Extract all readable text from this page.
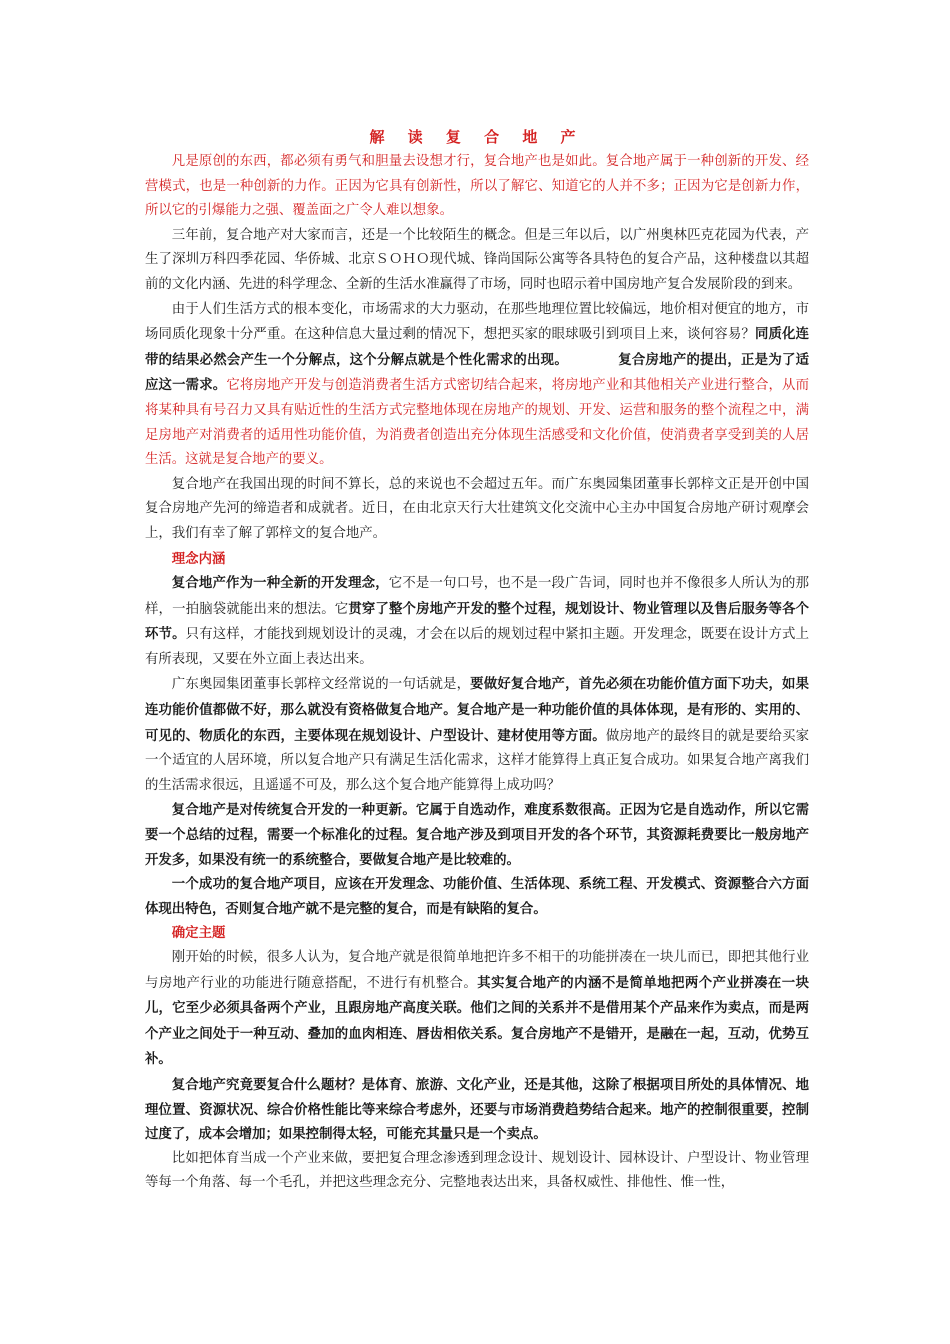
解 读 复 合 地 产

凡是原创的东西，都必须有勇气和胆量去设想才行，复合地产也是如此。复合地产属于一种创新的开发、经营模式，也是一种创新的力作。正因为它具有创新性，所以了解它、知道它的人并不多；正因为它是创新力作，所以它的引爆能力之强、覆盖面之广令人难以想象。

三年前，复合地产对大家而言，还是一个比较陌生的概念。但是三年以后，以广州奥林匹克花园为代表，产生了深圳万科四季花园、华侨城、北京ＳＯＨＯ现代城、锋尚国际公寓等各具特色的复合产品，这种楼盘以其超前的文化内涵、先进的科学理念、全新的生活水准赢得了市场，同时也昭示着中国房地产复合发展阶段的到来。

由于人们生活方式的根本变化，市场需求的大力驱动，在那些地理位置比较偏远，地价相对便宜的地方，市场同质化现象十分严重。在这种信息大量过剩的情况下，想把买家的眼球吸引到项目上来，谈何容易？同质化连带的结果必然会产生一个分解点，这个分解点就是个性化需求的出现。	复合房地产的提出，正是为了适应这一需求。它将房地产开发与创造消费者生活方式密切结合起来，将房地产业和其他相关产业进行整合，从而将某种具有号召力又具有贴近性的生活方式完整地体现在房地产的规划、开发、运营和服务的整个流程之中，满足房地产对消费者的适用性功能价值，为消费者创造出充分体现生活感受和文化价值，使消费者享受到美的人居生活。这就是复合地产的要义。

复合地产在我国出现的时间不算长，总的来说也不会超过五年。而广东奥园集团董事长郭梓文正是开创中国复合房地产先河的缔造者和成就者。近日，在由北京天行大壮建筑文化交流中心主办中国复合房地产研讨观摩会上，我们有幸了解了郭梓文的复合地产。

理念内涵

复合地产作为一种全新的开发理念，它不是一句口号，也不是一段广告词，同时也并不像很多人所认为的那样，一拍脑袋就能出来的想法。它贯穿了整个房地产开发的整个过程，规划设计、物业管理以及售后服务等各个环节。只有这样，才能找到规划设计的灵魂，才会在以后的规划过程中紧扣主题。开发理念，既要在设计方式上有所表现，又要在外立面上表达出来。

广东奥园集团董事长郭梓文经常说的一句话就是，要做好复合地产，首先必须在功能价值方面下功夫，如果连功能价值都做不好，那么就没有资格做复合地产。复合地产是一种功能价值的具体体现，是有形的、实用的、可见的、物质化的东西，主要体现在规划设计、户型设计、建材使用等方面。做房地产的最终目的就是要给买家一个适宜的人居环境，所以复合地产只有满足生活化需求，这样才能算得上真正复合成功。如果复合地产离我们的生活需求很远，且遥遥不可及，那么这个复合地产能算得上成功吗？

复合地产是对传统复合开发的一种更新。它属于自选动作，难度系数很高。正因为它是自选动作，所以它需要一个总结的过程，需要一个标准化的过程。复合地产涉及到项目开发的各个环节，其资源耗费要比一般房地产开发多，如果没有统一的系统整合，要做复合地产是比较难的。

一个成功的复合地产项目，应该在开发理念、功能价值、生活体现、系统工程、开发模式、资源整合六方面体现出特色，否则复合地产就不是完整的复合，而是有缺陷的复合。

确定主题

刚开始的时候，很多人认为，复合地产就是很简单地把许多不相干的功能拼凑在一块儿而已，即把其他行业与房地产行业的功能进行随意搭配，不进行有机整合。其实复合地产的内涵不是简单地把两个产业拼凑在一块儿，它至少必须具备两个产业，且跟房地产高度关联。他们之间的关系并不是借用某个产品来作为卖点，而是两个产业之间处于一种互动、叠加的血肉相连、唇齿相依关系。复合房地产不是错开，是融在一起，互动，优势互补。

复合地产究竟要复合什么题材？是体育、旅游、文化产业，还是其他，这除了根据项目所处的具体情况、地理位置、资源状况、综合价格性能比等来综合考虑外，还要与市场消费趋势结合起来。地产的控制很重要，控制过度了，成本会增加；如果控制得太轻，可能充其量只是一个卖点。

比如把体育当成一个产业来做，要把复合理念渗透到理念设计、规划设计、园林设计、户型设计、物业管理等每一个角落、每一个毛孔，并把这些理念充分、完整地表达出来，具备权威性、排他性、惟一性，
